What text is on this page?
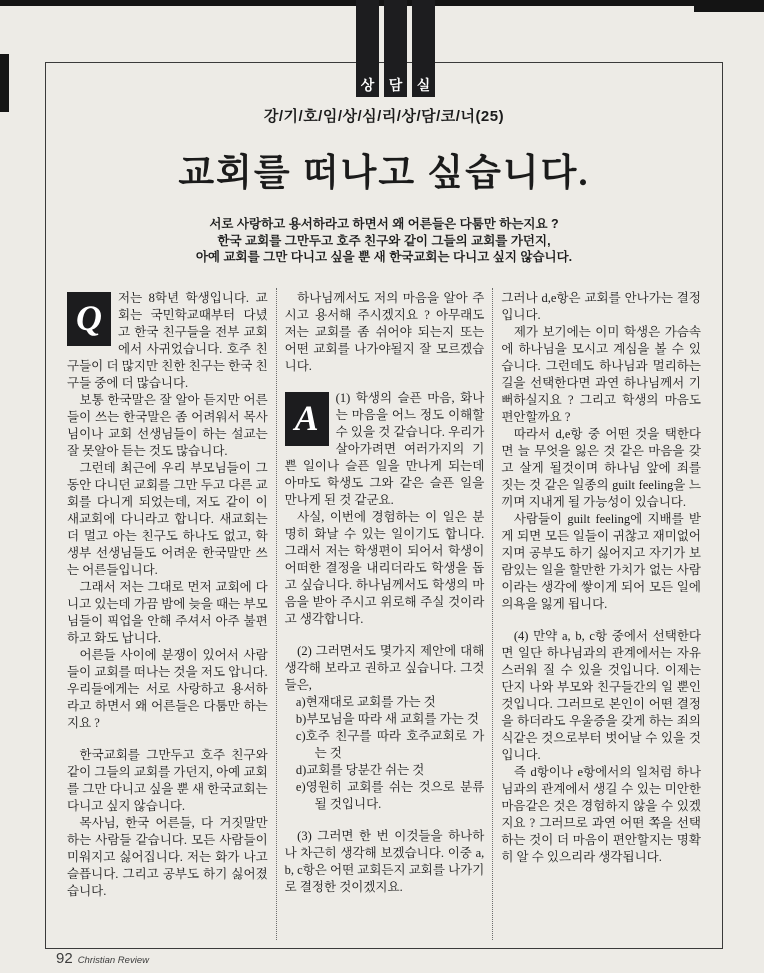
상 담 실
강/기/호/임/상/심/리/상/담/코/너(25)
교회를 떠나고 싶습니다.
서로 사랑하고 용서하라고 하면서 왜 어른들은 다툼만 하는지요 ?
한국 교회를 그만두고 호주 친구와 같이 그들의 교회를 가던지,
아예 교회를 그만 다니고 싶을 뿐 새 한국교회는 다니고 싶지 않습니다.

Q
저는 8학년 학생입니다. 교회는 국민학교때부터 다녔고 한국 친구들을 전부 교회에서 사귀었습니다. 호주 친구들이 더 많지만 친한 친구는 한국 친구들 중에 더 많습니다.

보통 한국말은 잘 알아 듣지만 어른들이 쓰는 한국말은 좀 어려워서 목사님이나 교회 선생님들이 하는 설교는 잘 못알아 듣는 것도 많습니다.

그런데 최근에 우리 부모님들이 그동안 다니던 교회를 그만 두고 다른 교회를 다니게 되었는데, 저도 같이 이 새교회에 다니라고 합니다. 새교회는 더 멀고 아는 친구도 하나도 없고, 학생부 선생님들도 어려운 한국말만 쓰는 어른들입니다.

그래서 저는 그대로 먼저 교회에 다니고 있는데 가끔 밤에 늦을 때는 부모님들이 픽업을 안해 주셔서 아주 불편하고 화도 납니다.

어른들 사이에 분쟁이 있어서 사람들이 교회를 떠나는 것을 저도 압니다. 우리들에게는 서로 사랑하고 용서하라고 하면서 왜 어른들은 다툼만 하는지요 ?

한국교회를 그만두고 호주 친구와 같이 그들의 교회를 가던지, 아예 교회를 그만 다니고 싶을 뿐 새 한국교회는 다니고 싶지 않습니다.

목사님, 한국 어른들, 다 거짓말만 하는 사람들 같습니다. 모든 사람들이 미워지고 싫어집니다. 저는 화가 나고 슬픕니다. 그리고 공부도 하기 싫어졌습니다.

하나님께서도 저의 마음을 알아 주시고 용서해 주시겠지요 ? 아무래도 저는 교회를 좀 쉬어야 되는지 또는 어떤 교회를 나가야될지 잘 모르겠습니다.

A
(1) 학생의 슬픈 마음, 화나는 마음을 어느 정도 이해할 수 있을 것 같습니다. 우리가 살아가려면 여러가지의 기쁜 일이나 슬픈 일을 만나게 되는데 아마도 학생도 그와 같은 슬픈 일을 만나게 된 것 같군요.

사실, 이번에 경험하는 이 일은 분명히 화날 수 있는 일이기도 합니다. 그래서 저는 학생편이 되어서 학생이 어떠한 결정을 내리더라도 학생을 돕고 싶습니다. 하나님께서도 학생의 마음을 받아 주시고 위로해 주실 것이라고 생각합니다.

(2) 그러면서도 몇가지 제안에 대해 생각해 보라고 권하고 싶습니다. 그것들은,

a)현재대로 교회를 가는 것
b)부모님을 따라 새 교회를 가는 것
c)호주 친구를 따라 호주교회로 가는 것
d)교회를 당분간 쉬는 것
e)영원히 교회를 쉬는 것으로 분류될 것입니다.

(3) 그러면 한 번 이것들을 하나하나 차근히 생각해 보겠습니다. 이중 a, b, c항은 어떤 교회든지 교회를 나가기로 결정한 것이겠지요.

그러나 d,e항은 교회를 안나가는 결정입니다.

제가 보기에는 이미 학생은 가슴속에 하나님을 모시고 계심을 볼 수 있습니다. 그런데도 하나님과 멀리하는 길을 선택한다면 과연 하나님께서 기뻐하실지요 ? 그리고 학생의 마음도 편안할까요 ?

따라서 d,e항 중 어떤 것을 택한다면 늘 무엇을 잃은 것 같은 마음을 갖고 살게 될것이며 하나님 앞에 죄를 짓는 것 같은 일종의 guilt feeling을 느끼며 지내게 될 가능성이 있습니다.

사람들이 guilt feeling에 지배를 받게 되면 모든 일들이 귀찮고 재미없어지며 공부도 하기 싫어지고 자기가 보람있는 일을 할만한 가치가 없는 사람이라는 생각에 쌓이게 되어 모든 일에 의욕을 잃게 됩니다.

(4) 만약 a, b, c항 중에서 선택한다면 일단 하나님과의 관계에서는 자유스러워 질 수 있을 것입니다. 이제는 단지 나와 부모와 친구들간의 일 뿐인 것입니다. 그러므로 본인이 어떤 결정을 하더라도 우울증을 갖게 하는 죄의식같은 것으로부터 벗어날 수 있을 것입니다.

즉 d항이나 e항에서의 일처럼 하나님과의 관계에서 생길 수 있는 미안한 마음같은 것은 경험하지 않을 수 있겠지요 ? 그러므로 과연 어떤 쪽을 선택하는 것이 더 마음이 편안할지는 명확히 알 수 있으리라 생각됩니다.

92 Christian Review
